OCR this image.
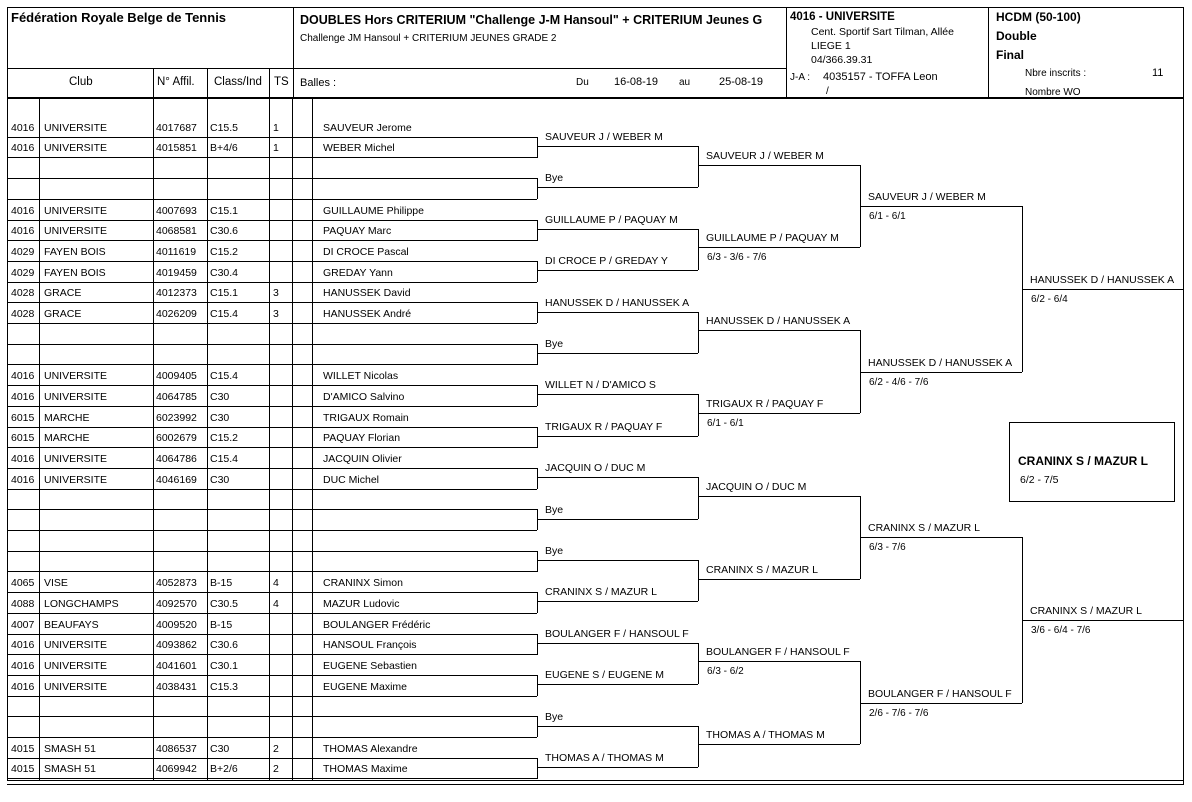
Fédération Royale Belge de Tennis	DOUBLES Hors CRITERIUM "Challenge J-M Hansoul" + CRITERIUM Jeunes G
Challenge JM Hansoul + CRITERIUM JEUNES GRADE 2
4016 - UNIVERSITE
Cent. Sportif Sart Tilman, Allée
LIEGE 1
04/366.39.31
HCDM (50-100)
Double
Final
Nbre inscrits :	11
Nombre WO
J-A : 4035157 - TOFFA Leon
/
Balles :	Du 16-08-19 au	25-08-19
Club	N° Affil. Class/Ind TS
4016 UNIVERSITE	4017687 C15.5	1	SAUVEUR Jerome
4016 UNIVERSITE	4015851 B+4/6	1	WEBER Michel
4016 UNIVERSITE	4007693 C15.1	GUILLAUME Philippe
4016 UNIVERSITE	4068581 C30.6	PAQUAY Marc
4029 FAYEN BOIS	4011619 C15.2	DI CROCE Pascal
4029 FAYEN BOIS	4019459 C30.4	GREDAY Yann
4028 GRACE	4012373 C15.1	3	HANUSSEK David
4028 GRACE	4026209 C15.4	3	HANUSSEK André
4016 UNIVERSITE	4009405 C15.4	WILLET Nicolas
4016 UNIVERSITE	4064785 C30	D'AMICO Salvino
6015 MARCHE	6023992 C30	TRIGAUX Romain
6015 MARCHE	6002679 C15.2	PAQUAY Florian
4016 UNIVERSITE	4064786 C15.4	JACQUIN Olivier
4016 UNIVERSITE	4046169 C30	DUC Michel
4065 VISE	4052873 B-15	4	CRANINX Simon
4088 LONGCHAMPS	4092570 C30.5	4	MAZUR Ludovic
4007 BEAUFAYS	4009520 B-15	BOULANGER Frédéric
4016 UNIVERSITE	4093862 C30.6	HANSOUL François
4016 UNIVERSITE	4041601 C30.1	EUGENE Sebastien
4016 UNIVERSITE	4038431 C15.3	EUGENE Maxime
4015 SMASH 51	4086537 C30	2	THOMAS Alexandre
4015 SMASH 51	4069942 B+2/6	2	THOMAS Maxime
SAUVEUR J / WEBER M
Bye
GUILLAUME P / PAQUAY M
DI CROCE P / GREDAY Y
HANUSSEK D / HANUSSEK A
Bye
WILLET N / D'AMICO S
TRIGAUX R / PAQUAY F
JACQUIN O / DUC M
Bye
Bye
CRANINX S / MAZUR L
BOULANGER F / HANSOUL F
EUGENE S / EUGENE M
Bye
THOMAS A / THOMAS M
SAUVEUR J / WEBER M
GUILLAUME P / PAQUAY M
6/3 - 3/6 - 7/6
HANUSSEK D / HANUSSEK A
TRIGAUX R / PAQUAY F
6/1 - 6/1
JACQUIN O / DUC M
CRANINX S / MAZUR L
BOULANGER F / HANSOUL F
6/3 - 6/2
THOMAS A / THOMAS M
SAUVEUR J / WEBER M
6/1 - 6/1
HANUSSEK D / HANUSSEK A
6/2 - 4/6 - 7/6
CRANINX S / MAZUR L
6/3 - 7/6
BOULANGER F / HANSOUL F
2/6 - 7/6 - 7/6
HANUSSEK D / HANUSSEK A
6/2 - 6/4
CRANINX S / MAZUR L
3/6 - 6/4 - 7/6
CRANINX S / MAZUR L
6/2 - 7/5
